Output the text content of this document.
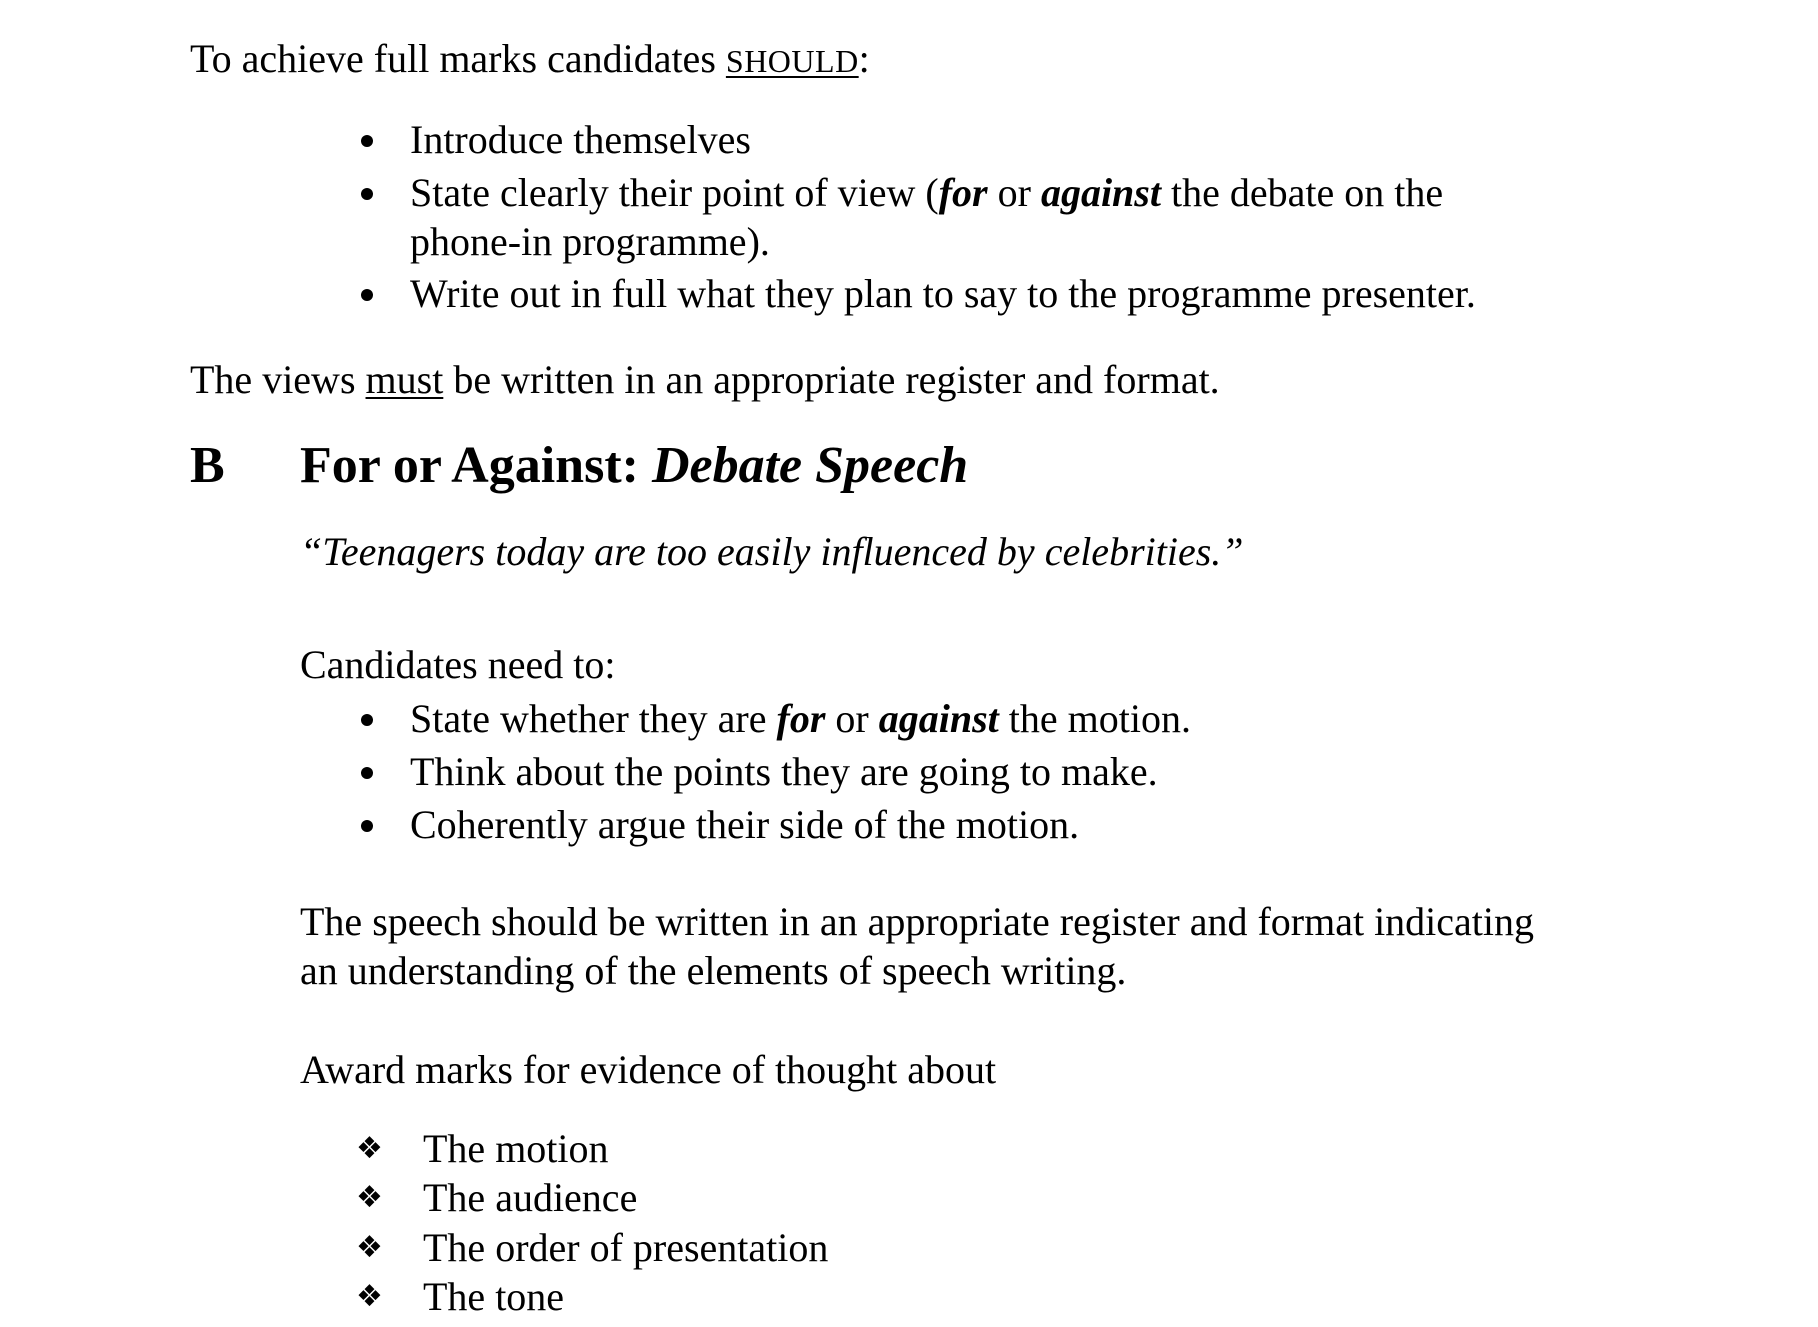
To achieve full marks candidates SHOULD:

Introduce themselves

State clearly their point of view (for or against the debate on the

phone-in programme).

Write out in full what they plan to say to the programme presenter.

The views must be written in an appropriate register and format.

B For or Against: Debate Speech

“Teenagers today are too easily influenced by celebrities.”

Candidates need to:

State whether they are for or against the motion.

Think about the points they are going to make.

Coherently argue their side of the motion.

The speech should be written in an appropriate register and format indicating

an understanding of the elements of speech writing.

Award marks for evidence of thought about

❖ The motion

❖ The audience

❖ The order of presentation

❖ The tone
